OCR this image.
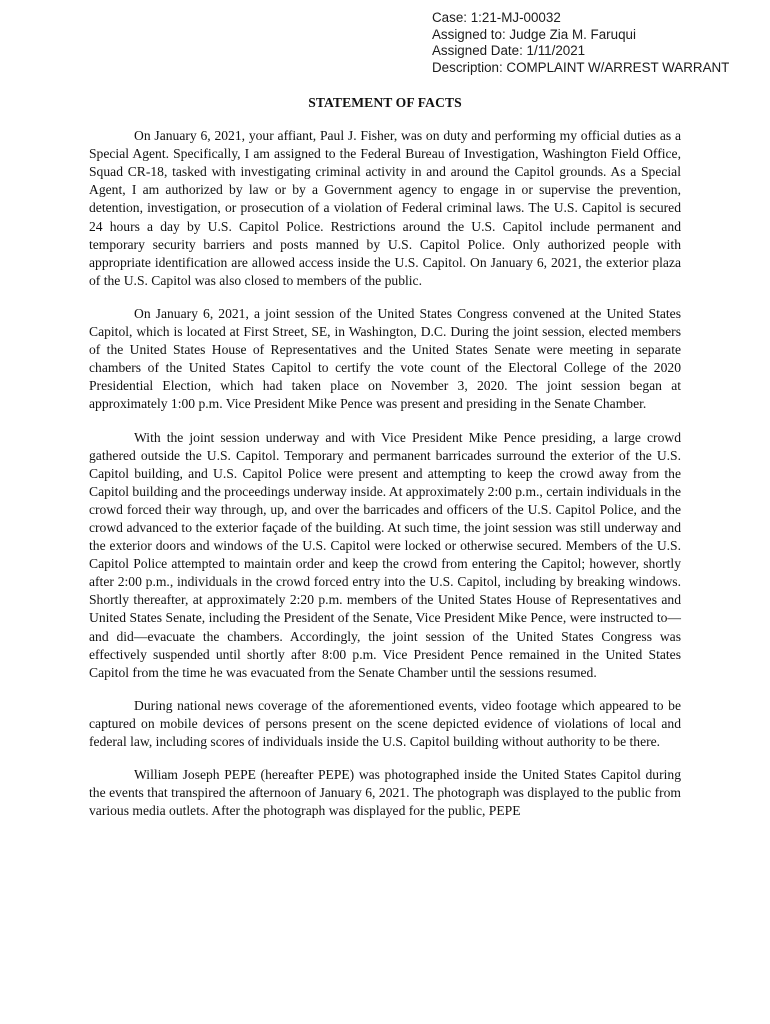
Case: 1:21-MJ-00032
Assigned to: Judge Zia M. Faruqui
Assigned Date: 1/11/2021
Description: COMPLAINT W/ARREST WARRANT
STATEMENT OF FACTS

On January 6, 2021, your affiant, Paul J. Fisher, was on duty and performing my official duties as a Special Agent. Specifically, I am assigned to the Federal Bureau of Investigation, Washington Field Office, Squad CR-18, tasked with investigating criminal activity in and around the Capitol grounds. As a Special Agent, I am authorized by law or by a Government agency to engage in or supervise the prevention, detention, investigation, or prosecution of a violation of Federal criminal laws. The U.S. Capitol is secured 24 hours a day by U.S. Capitol Police. Restrictions around the U.S. Capitol include permanent and temporary security barriers and posts manned by U.S. Capitol Police. Only authorized people with appropriate identification are allowed access inside the U.S. Capitol. On January 6, 2021, the exterior plaza of the U.S. Capitol was also closed to members of the public.

On January 6, 2021, a joint session of the United States Congress convened at the United States Capitol, which is located at First Street, SE, in Washington, D.C. During the joint session, elected members of the United States House of Representatives and the United States Senate were meeting in separate chambers of the United States Capitol to certify the vote count of the Electoral College of the 2020 Presidential Election, which had taken place on November 3, 2020. The joint session began at approximately 1:00 p.m. Vice President Mike Pence was present and presiding in the Senate Chamber.

With the joint session underway and with Vice President Mike Pence presiding, a large crowd gathered outside the U.S. Capitol. Temporary and permanent barricades surround the exterior of the U.S. Capitol building, and U.S. Capitol Police were present and attempting to keep the crowd away from the Capitol building and the proceedings underway inside. At approximately 2:00 p.m., certain individuals in the crowd forced their way through, up, and over the barricades and officers of the U.S. Capitol Police, and the crowd advanced to the exterior façade of the building. At such time, the joint session was still underway and the exterior doors and windows of the U.S. Capitol were locked or otherwise secured. Members of the U.S. Capitol Police attempted to maintain order and keep the crowd from entering the Capitol; however, shortly after 2:00 p.m., individuals in the crowd forced entry into the U.S. Capitol, including by breaking windows. Shortly thereafter, at approximately 2:20 p.m. members of the United States House of Representatives and United States Senate, including the President of the Senate, Vice President Mike Pence, were instructed to—and did—evacuate the chambers. Accordingly, the joint session of the United States Congress was effectively suspended until shortly after 8:00 p.m. Vice President Pence remained in the United States Capitol from the time he was evacuated from the Senate Chamber until the sessions resumed.

During national news coverage of the aforementioned events, video footage which appeared to be captured on mobile devices of persons present on the scene depicted evidence of violations of local and federal law, including scores of individuals inside the U.S. Capitol building without authority to be there.

William Joseph PEPE (hereafter PEPE) was photographed inside the United States Capitol during the events that transpired the afternoon of January 6, 2021. The photograph was displayed to the public from various media outlets. After the photograph was displayed for the public, PEPE
